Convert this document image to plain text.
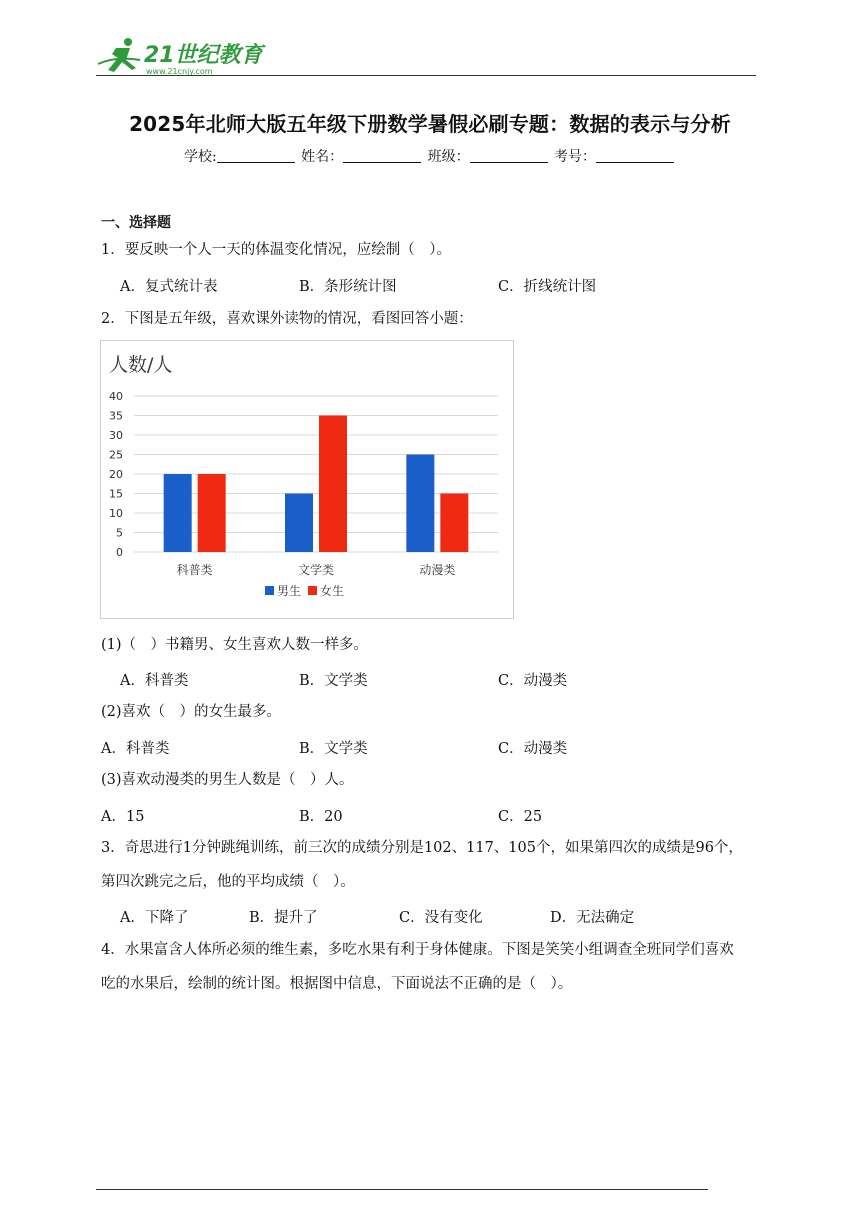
21世纪教育
www.21cnjy.com
2025年北师大版五年级下册数学暑假必刷专题：数据的表示与分析
学校:	姓名：	班级：	考号：
一、选择题
1．要反映一个人一天的体温变化情况，应绘制（　）。
A．复式统计表	B．条形统计图	C．折线统计图
2．下图是五年级，喜欢课外读物的情况，看图回答小题：
人数/人
0
5
10
15
20
25
30
35
40
科普类	文学类	动漫类
男生 女生
(1)（　）书籍男、女生喜欢人数一样多。
A．科普类	B．文学类	C．动漫类
(2)喜欢（　）的女生最多。
A．科普类	B．文学类	C．动漫类
(3)喜欢动漫类的男生人数是（　）人。
A．15	B．20	C．25
3．奇思进行1分钟跳绳训练，前三次的成绩分别是102、117、105个，如果第四次的成绩是96个，
第四次跳完之后，他的平均成绩（　）。
A．下降了	B．提升了	C．没有变化	D．无法确定
4．水果富含人体所必须的维生素，多吃水果有利于身体健康。下图是笑笑小组调查全班同学们喜欢
吃的水果后，绘制的统计图。根据图中信息，下面说法不正确的是（　）。
